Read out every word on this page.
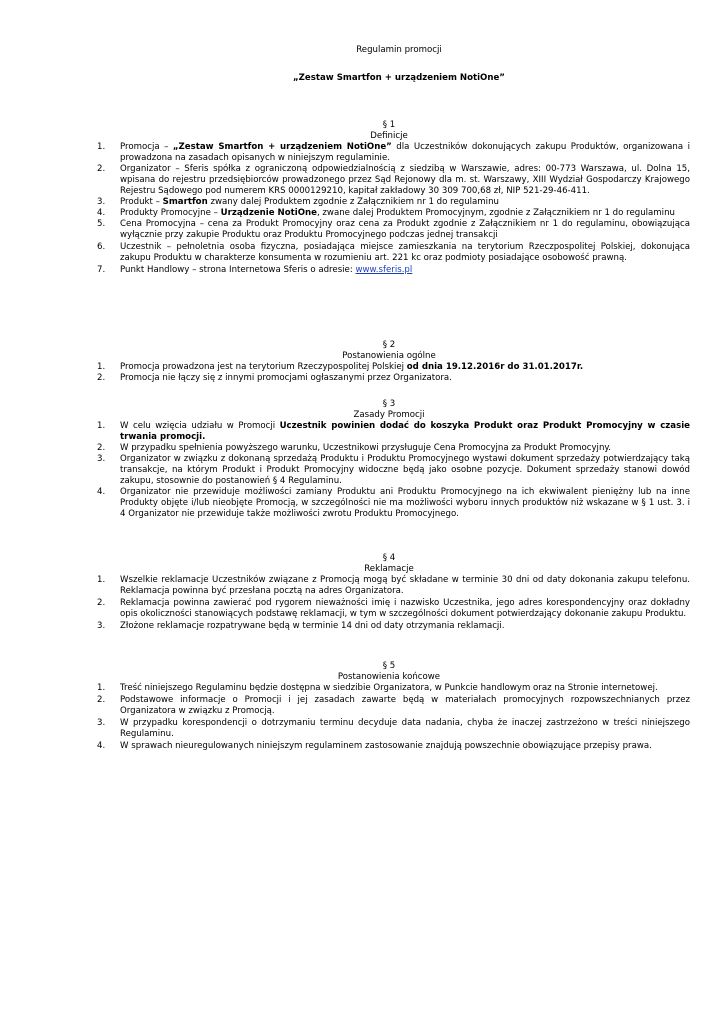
Regulamin promocji
„Zestaw Smartfon + urządzeniem NotiOne”
§ 1
Definicje
1. Promocja – „Zestaw Smartfon + urządzeniem NotiOne” dla Uczestników dokonujących zakupu Produktów, organizowana i prowadzona na zasadach opisanych w niniejszym regulaminie.
2. Organizator – Sferis spółka z ograniczoną odpowiedzialnością z siedzibą w Warszawie, adres: 00-773 Warszawa, ul. Dolna 15, wpisana do rejestru przedsiębiorców prowadzonego przez Sąd Rejonowy dla m. st. Warszawy, XIII Wydział Gospodarczy Krajowego Rejestru Sądowego pod numerem KRS 0000129210, kapitał zakładowy 30 309 700,68 zł, NIP 521-29-46-411.
3. Produkt – Smartfon zwany dalej Produktem zgodnie z Załącznikiem nr 1 do regulaminu
4. Produkty Promocyjne – Urządzenie NotiOne, zwane dalej Produktem Promocyjnym, zgodnie z Załącznikiem nr 1 do regulaminu
5. Cena Promocyjna – cena za Produkt Promocyjny oraz cena za Produkt zgodnie z Załącznikiem nr 1 do regulaminu, obowiązująca wyłącznie przy zakupie Produktu oraz Produktu Promocyjnego podczas jednej transakcji
6. Uczestnik – pełnoletnia osoba fizyczna, posiadająca miejsce zamieszkania na terytorium Rzeczpospolitej Polskiej, dokonująca zakupu Produktu w charakterze konsumenta w rozumieniu art. 221 kc oraz podmioty posiadające osobowość prawną.
7. Punkt Handlowy – strona Internetowa Sferis o adresie: www.sferis.pl
§ 2
Postanowienia ogólne
1. Promocja prowadzona jest na terytorium Rzeczypospolitej Polskiej od dnia 19.12.2016r do 31.01.2017r.
2. Promocja nie łączy się z innymi promocjami ogłaszanymi przez Organizatora.
§ 3
Zasady Promocji
1. W celu wzięcia udziału w Promocji Uczestnik powinien dodać do koszyka Produkt oraz Produkt Promocyjny w czasie trwania promocji.
2. W przypadku spełnienia powyższego warunku, Uczestnikowi przysługuje Cena Promocyjna za Produkt Promocyjny.
3. Organizator w związku z dokonaną sprzedażą Produktu i Produktu Promocyjnego wystawi dokument sprzedaży potwierdzający taką transakcje, na którym Produkt i Produkt Promocyjny widoczne będą jako osobne pozycje. Dokument sprzedaży stanowi dowód zakupu, stosownie do postanowień § 4 Regulaminu.
4. Organizator nie przewiduje możliwości zamiany Produktu ani Produktu Promocyjnego na ich ekwiwalent pieniężny lub na inne Produkty objęte i/lub nieobjęte Promocją, w szczególności nie ma możliwości wyboru innych produktów niż wskazane w § 1 ust. 3. i 4 Organizator nie przewiduje także możliwości zwrotu Produktu Promocyjnego.
§ 4
Reklamacje
1. Wszelkie reklamacje Uczestników związane z Promocją mogą być składane w terminie 30 dni od daty dokonania zakupu telefonu. Reklamacja powinna być przesłana pocztą na adres Organizatora.
2. Reklamacja powinna zawierać pod rygorem nieważności imię i nazwisko Uczestnika, jego adres korespondencyjny oraz dokładny opis okoliczności stanowiących podstawę reklamacji, w tym w szczególności dokument potwierdzający dokonanie zakupu Produktu.
3. Złożone reklamacje rozpatrywane będą w terminie 14 dni od daty otrzymania reklamacji.
§ 5
Postanowienia końcowe
1. Treść niniejszego Regulaminu będzie dostępna w siedzibie Organizatora, w Punkcie handlowym oraz na Stronie internetowej.
2. Podstawowe informacje o Promocji i jej zasadach zawarte będą w materiałach promocyjnych rozpowszechnianych przez Organizatora w związku z Promocją.
3. W przypadku korespondencji o dotrzymaniu terminu decyduje data nadania, chyba że inaczej zastrzeżono w treści niniejszego Regulaminu.
4. W sprawach nieuregulowanych niniejszym regulaminem zastosowanie znajdują powszechnie obowiązujące przepisy prawa.
